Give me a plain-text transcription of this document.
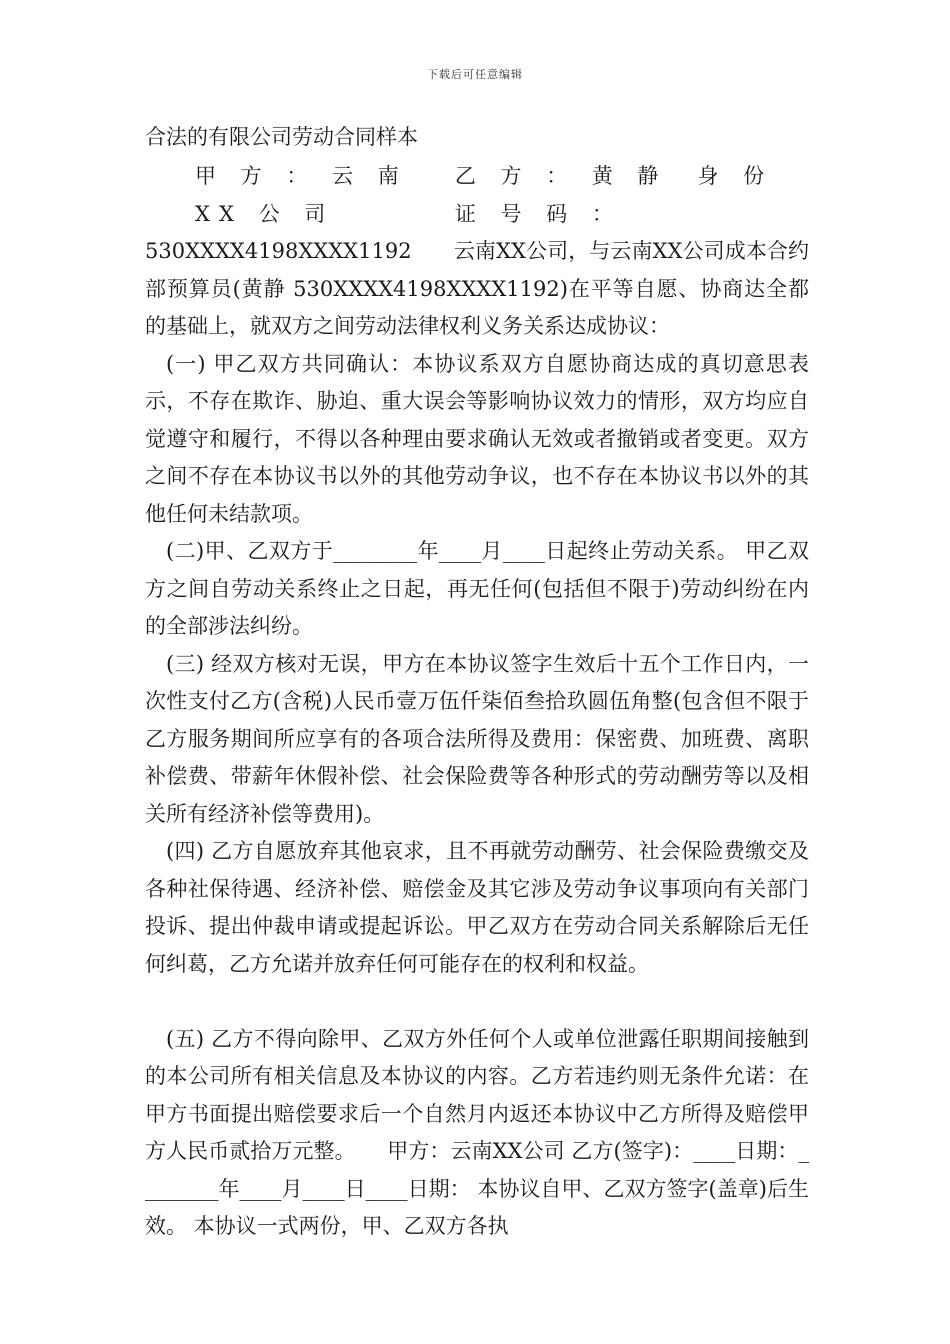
下载后可任意编辑
合法的有限公司劳动合同样本
甲 方 ： 云 南 XX 公 司
乙 方 ： 黄 静　身 份 证 号 码 ：

530XXXX4198XXXX1192　　云南XX公司，与云南XX公司成本合约部预算员(黄静 530XXXX4198XXXX1192)在平等自愿、协商达全都的基础上，就双方之间劳动法律权利义务关系达成协议：

(一) 甲乙双方共同确认：本协议系双方自愿协商达成的真切意思表示，不存在欺诈、胁迫、重大误会等影响协议效力的情形，双方均应自觉遵守和履行，不得以各种理由要求确认无效或者撤销或者变更。双方之间不存在本协议书以外的其他劳动争议，也不存在本协议书以外的其他任何未结款项。

(二)甲、乙双方于________年____月____日起终止劳动关系。 甲乙双方之间自劳动关系终止之日起，再无任何(包括但不限于)劳动纠纷在内的全部涉法纠纷。

(三) 经双方核对无误，甲方在本协议签字生效后十五个工作日内，一次性支付乙方(含税)人民币壹万伍仟柒佰叁拾玖圆伍角整(包含但不限于乙方服务期间所应享有的各项合法所得及费用：保密费、加班费、离职补偿费、带薪年休假补偿、社会保险费等各种形式的劳动酬劳等以及相关所有经济补偿等费用)。

(四) 乙方自愿放弃其他哀求，且不再就劳动酬劳、社会保险费缴交及各种社保待遇、经济补偿、赔偿金及其它涉及劳动争议事项向有关部门投诉、提出仲裁申请或提起诉讼。甲乙双方在劳动合同关系解除后无任何纠葛，乙方允诺并放弃任何可能存在的权利和权益。

(五) 乙方不得向除甲、乙双方外任何个人或单位泄露任职期间接触到的本公司所有相关信息及本协议的内容。乙方若违约则无条件允诺：在甲方书面提出赔偿要求后一个自然月内返还本协议中乙方所得及赔偿甲方人民币贰拾万元整。　　甲方：云南XX公司 乙方(签字)：____日期：________年____月____日____日期： 本协议自甲、乙双方签字(盖章)后生效。 本协议一式两份，甲、乙双方各执
